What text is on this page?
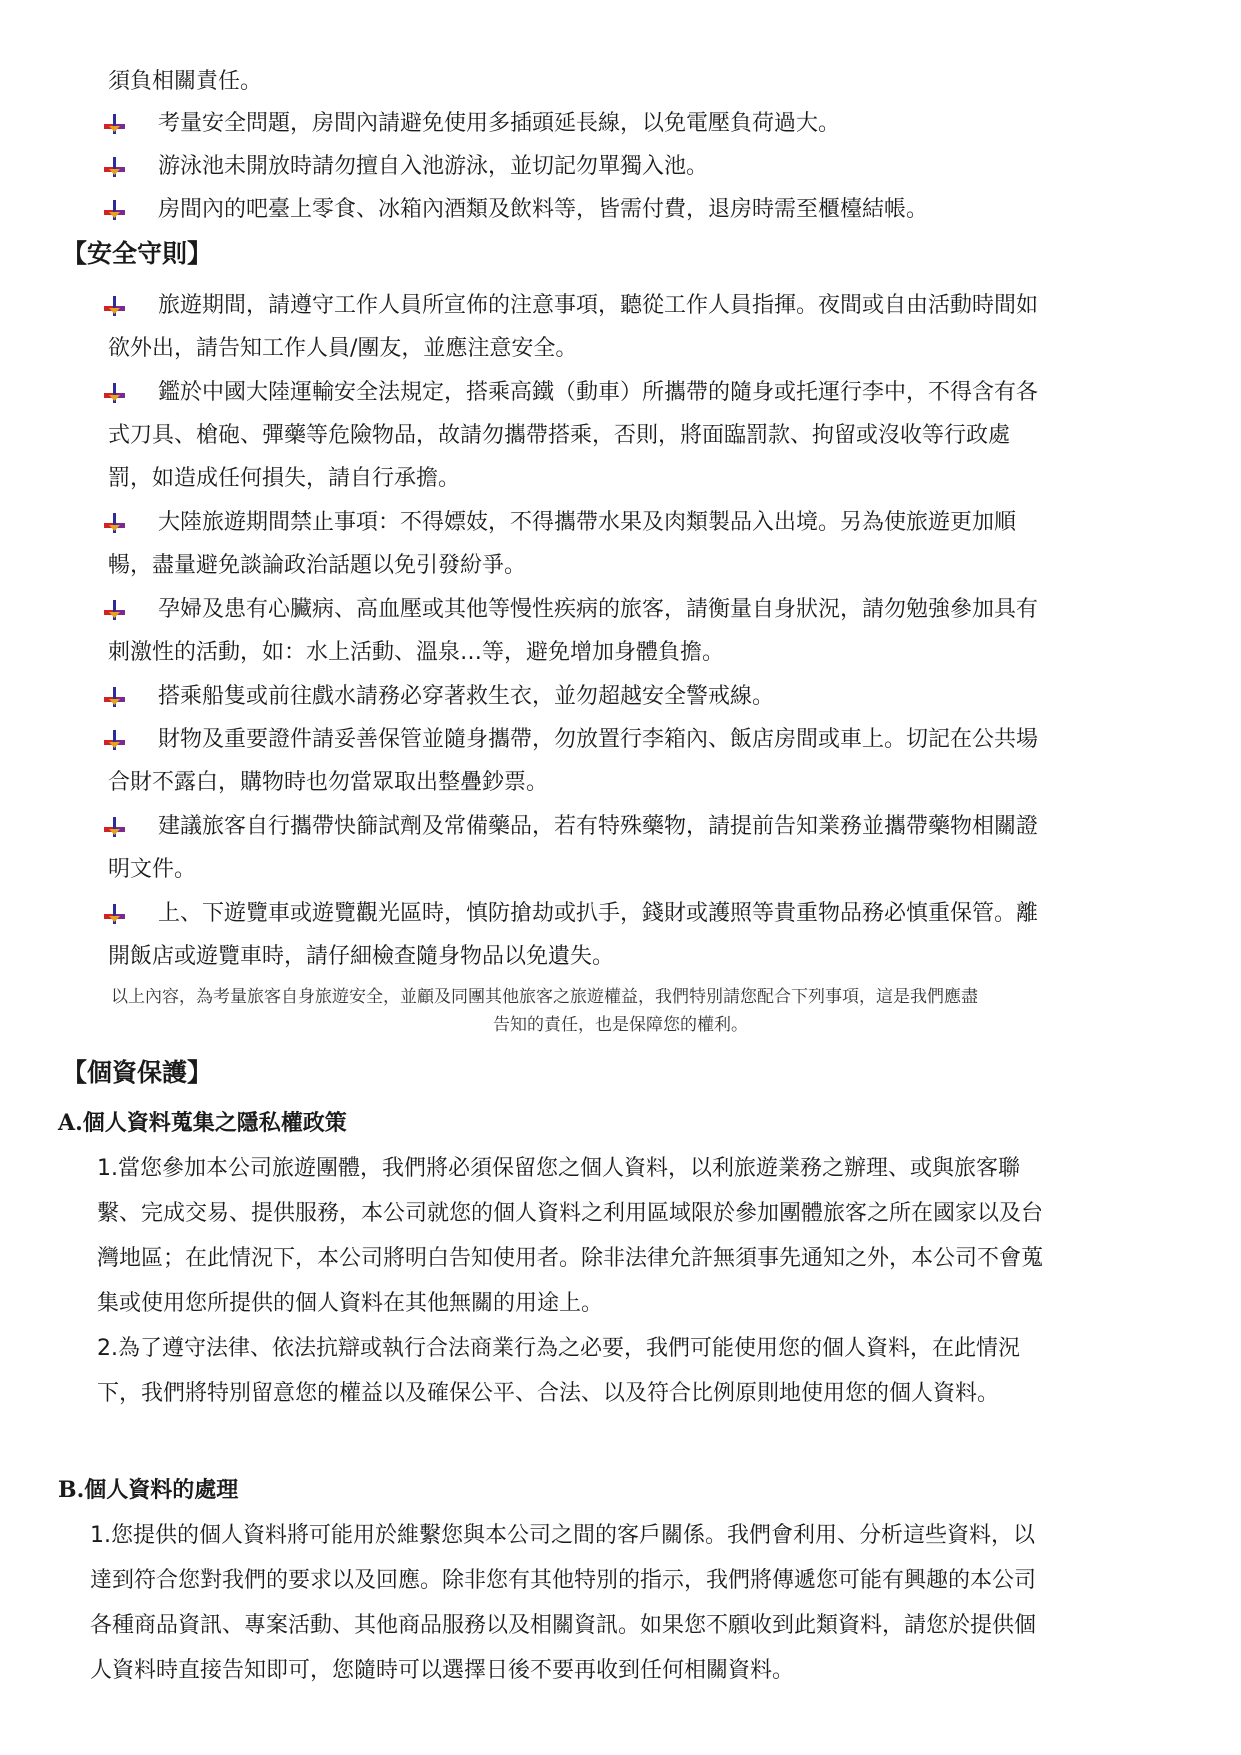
須負相關責任。
考量安全問題，房間內請避免使用多插頭延長線，以免電壓負荷過大。
游泳池未開放時請勿擅自入池游泳，並切記勿單獨入池。
房間內的吧臺上零食、冰箱內酒類及飲料等，皆需付費，退房時需至櫃檯結帳。
【安全守則】
旅遊期間，請遵守工作人員所宣佈的注意事項，聽從工作人員指揮。夜間或自由活動時間如
欲外出，請告知工作人員/團友，並應注意安全。
鑑於中國大陸運輸安全法規定，搭乘高鐵（動車）所攜帶的隨身或托運行李中，不得含有各
式刀具、槍砲、彈藥等危險物品，故請勿攜帶搭乘，否則，將面臨罰款、拘留或沒收等行政處
罰，如造成任何損失，請自行承擔。
大陸旅遊期間禁止事項：不得嫖妓，不得攜帶水果及肉類製品入出境。另為使旅遊更加順
暢，盡量避免談論政治話題以免引發紛爭。
孕婦及患有心臟病、高血壓或其他等慢性疾病的旅客，請衡量自身狀況，請勿勉強參加具有
刺激性的活動，如：水上活動、溫泉…等，避免增加身體負擔。
搭乘船隻或前往戲水請務必穿著救生衣，並勿超越安全警戒線。
財物及重要證件請妥善保管並隨身攜帶，勿放置行李箱內、飯店房間或車上。切記在公共場
合財不露白，購物時也勿當眾取出整疊鈔票。
建議旅客自行攜帶快篩試劑及常備藥品，若有特殊藥物，請提前告知業務並攜帶藥物相關證
明文件。
上、下遊覽車或遊覽觀光區時，慎防搶劫或扒手，錢財或護照等貴重物品務必慎重保管。離
開飯店或遊覽車時，請仔細檢查隨身物品以免遺失。
以上內容，為考量旅客自身旅遊安全，並顧及同團其他旅客之旅遊權益，我們特別請您配合下列事項，這是我們應盡
告知的責任，也是保障您的權利。
【個資保護】
A.個人資料蒐集之隱私權政策
1.當您參加本公司旅遊團體，我們將必須保留您之個人資料，以利旅遊業務之辦理、或與旅客聯
繫、完成交易、提供服務，本公司就您的個人資料之利用區域限於參加團體旅客之所在國家以及台
灣地區；在此情況下，本公司將明白告知使用者。除非法律允許無須事先通知之外，本公司不會蒐
集或使用您所提供的個人資料在其他無關的用途上。
2.為了遵守法律、依法抗辯或執行合法商業行為之必要，我們可能使用您的個人資料，在此情況
下，我們將特別留意您的權益以及確保公平、合法、以及符合比例原則地使用您的個人資料。
B.個人資料的處理
1.您提供的個人資料將可能用於維繫您與本公司之間的客戶關係。我們會利用、分析這些資料，以
達到符合您對我們的要求以及回應。除非您有其他特別的指示，我們將傳遞您可能有興趣的本公司
各種商品資訊、專案活動、其他商品服務以及相關資訊。如果您不願收到此類資料，請您於提供個
人資料時直接告知即可，您隨時可以選擇日後不要再收到任何相關資料。
